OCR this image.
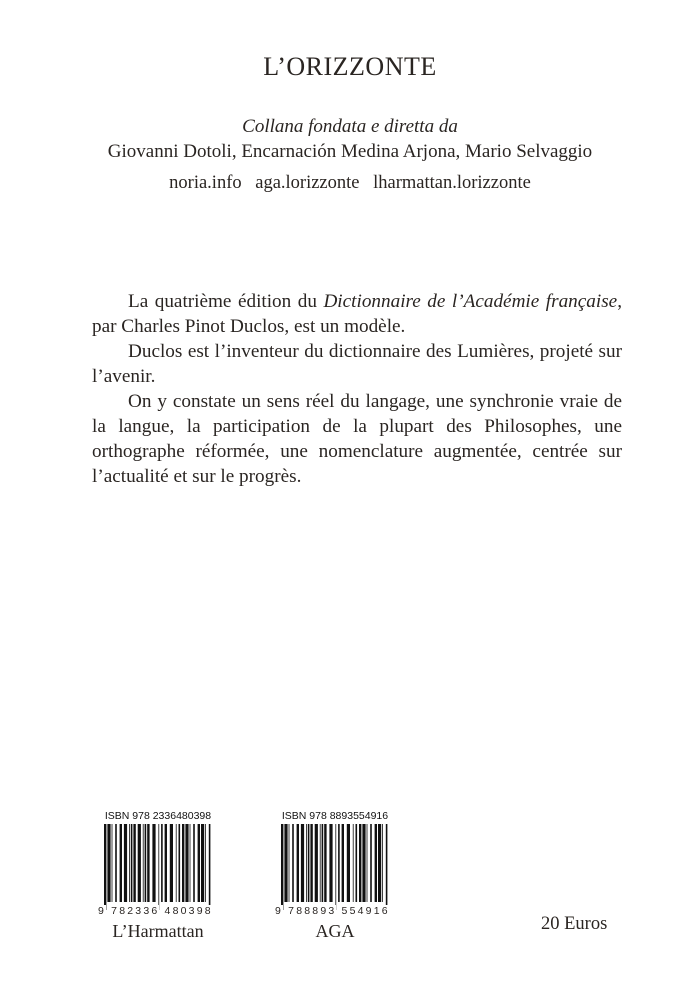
L’ORIZZONTE
Collana fondata e diretta da
Giovanni Dotoli, Encarnación Medina Arjona, Mario Selvaggio
noria.info aga.lorizzonte lharmattan.lorizzonte

La quatrième édition du Dictionnaire de l’Académie française, par Charles Pinot Duclos, est un modèle.

Duclos est l’inventeur du dictionnaire des Lumières, projeté sur l’avenir.

On y constate un sens réel du langage, une synchronie vraie de la langue, la participation de la plupart des Philosophes, une orthographe réformée, une nomenclature augmentée, centrée sur l’actualité et sur le progrès.

ISBN 978 2336480398
9 782336 480398
L’Harmattan
ISBN 978 8893554916
9 788893 554916
AGA	20 Euros
